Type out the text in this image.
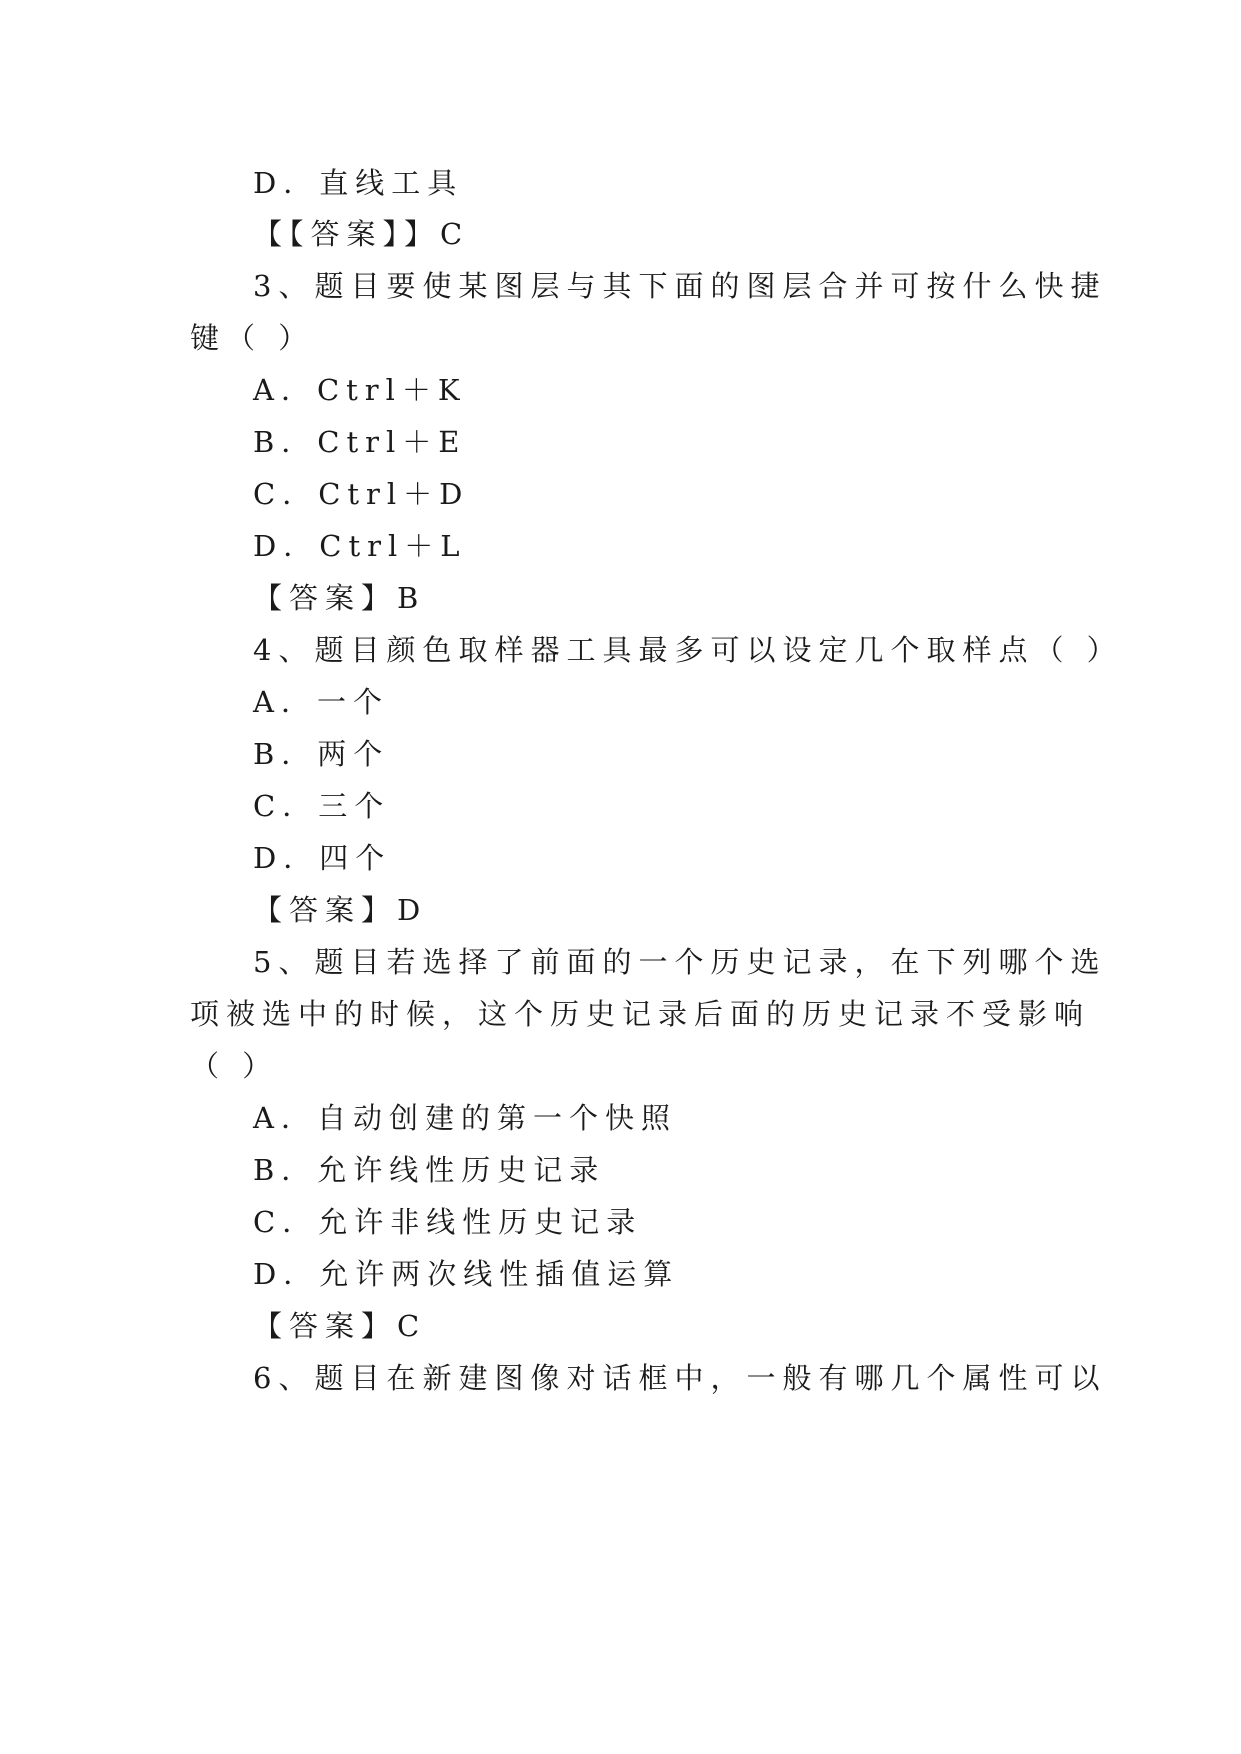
D．直线工具
【【答案】】C
3、题目要使某图层与其下面的图层合并可按什么快捷
键（ ）
A．Ctrl＋K
B．Ctrl＋E
C．Ctrl＋D
D．Ctrl＋L
【答案】B
4、题目颜色取样器工具最多可以设定几个取样点（ ）
A．一个
B．两个
C．三个
D．四个
【答案】D
5、题目若选择了前面的一个历史记录，在下列哪个选
项被选中的时候，这个历史记录后面的历史记录不受影响
（ ）
A．自动创建的第一个快照
B．允许线性历史记录
C．允许非线性历史记录
D．允许两次线性插值运算
【答案】C
6、题目在新建图像对话框中，一般有哪几个属性可以
